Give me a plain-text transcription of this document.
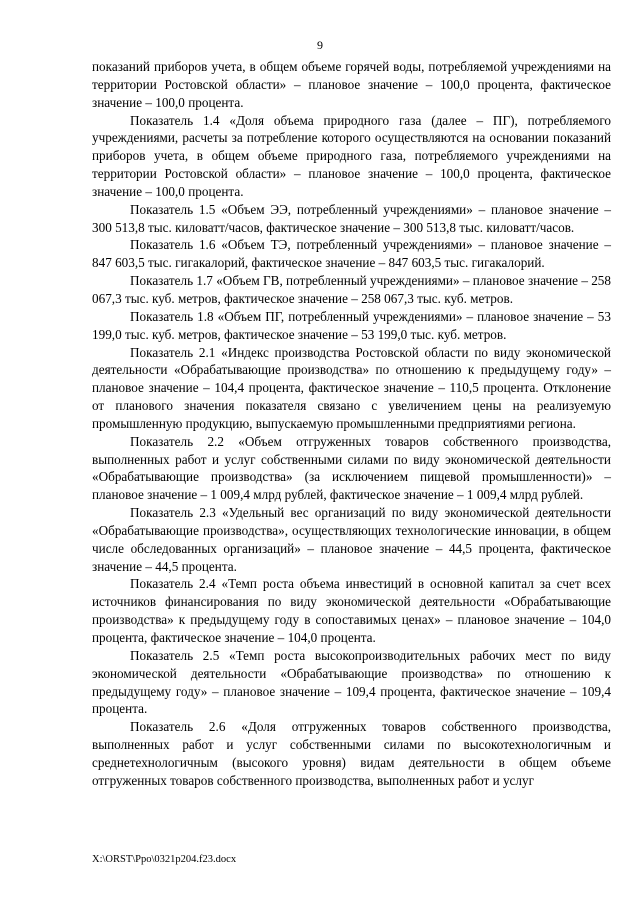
9

показаний приборов учета, в общем объеме горячей воды, потребляемой учреждениями на территории Ростовской области» – плановое значение – 100,0 процента, фактическое значение – 100,0 процента.

Показатель 1.4 «Доля объема природного газа (далее – ПГ), потребляемого учреждениями, расчеты за потребление которого осуществляются на основании показаний приборов учета, в общем объеме природного газа, потребляемого учреждениями на территории Ростовской области» – плановое значение – 100,0 процента, фактическое значение – 100,0 процента.

Показатель 1.5 «Объем ЭЭ, потребленный учреждениями» – плановое значение – 300 513,8 тыс. киловатт/часов, фактическое значение – 300 513,8 тыс. киловатт/часов.

Показатель 1.6 «Объем ТЭ, потребленный учреждениями» – плановое значение – 847 603,5 тыс. гигакалорий, фактическое значение – 847 603,5 тыс. гигакалорий.

Показатель 1.7 «Объем ГВ, потребленный учреждениями» – плановое значение – 258 067,3 тыс. куб. метров, фактическое значение – 258 067,3 тыс. куб. метров.

Показатель 1.8 «Объем ПГ, потребленный учреждениями» – плановое значение – 53 199,0 тыс. куб. метров, фактическое значение – 53 199,0 тыс. куб. метров.

Показатель 2.1 «Индекс производства Ростовской области по виду экономической деятельности «Обрабатывающие производства» по отношению к предыдущему году» – плановое значение – 104,4 процента, фактическое значение – 110,5 процента. Отклонение от планового значения показателя связано с увеличением цены на реализуемую промышленную продукцию, выпускаемую промышленными предприятиями региона.

Показатель 2.2 «Объем отгруженных товаров собственного производства, выполненных работ и услуг собственными силами по виду экономической деятельности «Обрабатывающие производства» (за исключением пищевой промышленности)» – плановое значение – 1 009,4 млрд рублей, фактическое значение – 1 009,4 млрд рублей.

Показатель 2.3 «Удельный вес организаций по виду экономической деятельности «Обрабатывающие производства», осуществляющих технологические инновации, в общем числе обследованных организаций» – плановое значение – 44,5 процента, фактическое значение – 44,5 процента.

Показатель 2.4 «Темп роста объема инвестиций в основной капитал за счет всех источников финансирования по виду экономической деятельности «Обрабатывающие производства» к предыдущему году в сопоставимых ценах» – плановое значение – 104,0 процента, фактическое значение – 104,0 процента.

Показатель 2.5 «Темп роста высокопроизводительных рабочих мест по виду экономической деятельности «Обрабатывающие производства» по отношению к предыдущему году» – плановое значение – 109,4 процента, фактическое значение – 109,4 процента.

Показатель 2.6 «Доля отгруженных товаров собственного производства, выполненных работ и услуг собственными силами по высокотехнологичным и среднетехнологичным (высокого уровня) видам деятельности в общем объеме отгруженных товаров собственного производства, выполненных работ и услуг

X:\ORST\Ppo\0321p204.f23.docx
